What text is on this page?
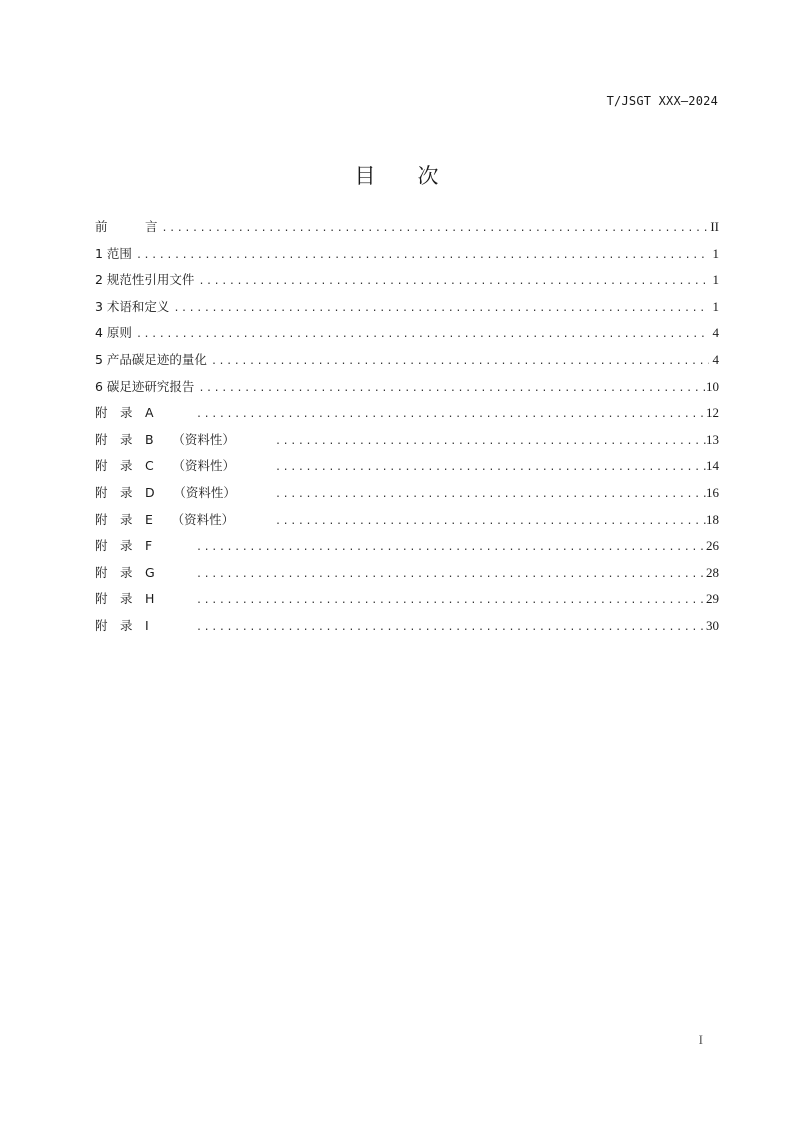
T/JSGT XXX—2024
目　　次
前　　　言 .....	II
1 范围 .....	1
2 规范性引用文件 .....	1
3 术语和定义 .....	1
4 原则 .....	4
5 产品碳足迹的量化 .....	4
6 碳足迹研究报告 .....	10
附　录　A .....	12
附　录　B　　（资料性） .....	13
附　录　C　　（资料性） .....	14
附　录　D　　（资料性） .....	16
附　录　E　　（资料性） .....	18
附　录　F .....	26
附　录　G .....	28
附　录　H .....	29
附　录　I .....	30
I
